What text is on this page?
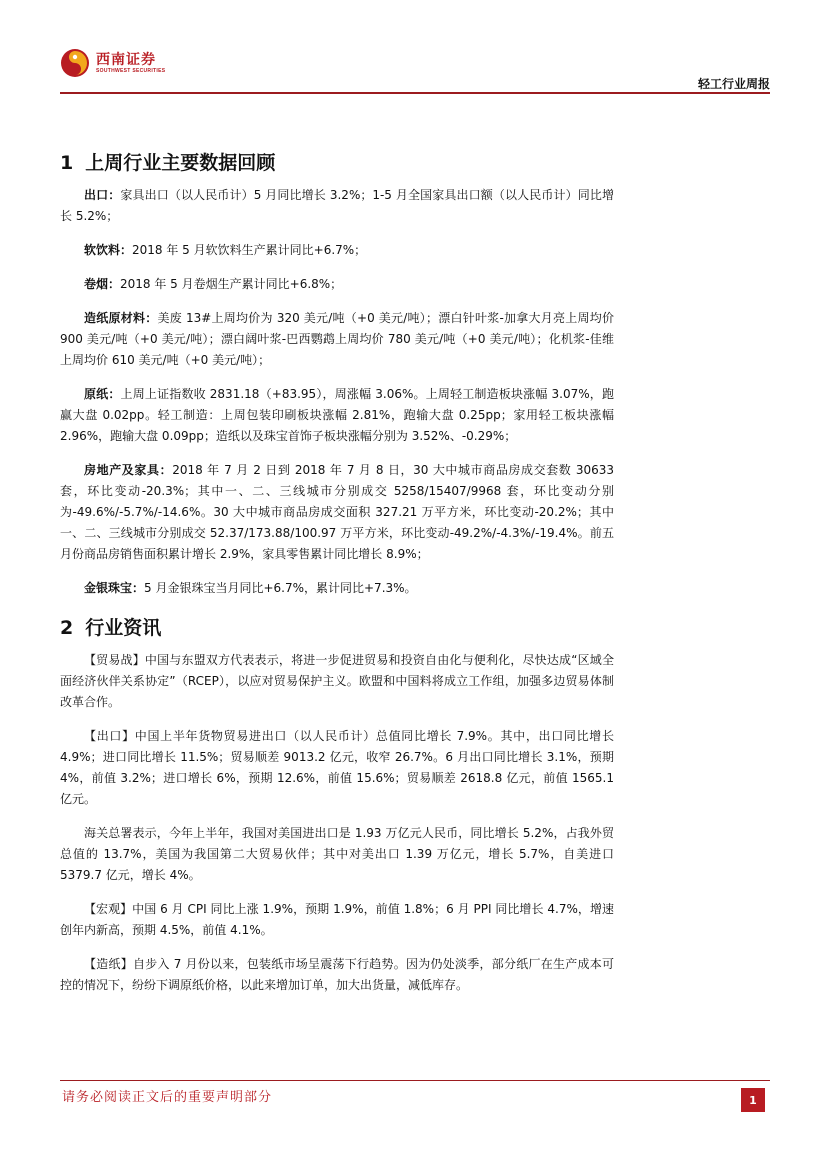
西南证券
SOUTHWEST SECURITIES
轻工行业周报
1 上周行业主要数据回顾

出口：家具出口（以人民币计）5 月同比增长 3.2%；1-5 月全国家具出口额（以人民币计）同比增长 5.2%；

软饮料：2018 年 5 月软饮料生产累计同比+6.7%；

卷烟：2018 年 5 月卷烟生产累计同比+6.8%；

造纸原材料：美废 13#上周均价为 320 美元/吨（+0 美元/吨）；漂白针叶浆-加拿大月亮上周均价 900 美元/吨（+0 美元/吨）；漂白阔叶浆-巴西鹦鹉上周均价 780 美元/吨（+0 美元/吨）；化机浆-佳维上周均价 610 美元/吨（+0 美元/吨）；

原纸：上周上证指数收 2831.18（+83.95），周涨幅 3.06%。上周轻工制造板块涨幅 3.07%，跑赢大盘 0.02pp。轻工制造：上周包装印刷板块涨幅 2.81%，跑输大盘 0.25pp；家用轻工板块涨幅 2.96%，跑输大盘 0.09pp；造纸以及珠宝首饰子板块涨幅分别为 3.52%、-0.29%；

房地产及家具：2018 年 7 月 2 日到 2018 年 7 月 8 日，30 大中城市商品房成交套数 30633 套，环比变动-20.3%；其中一、二、三线城市分别成交 5258/15407/9968 套，环比变动分别为-49.6%/-5.7%/-14.6%。30 大中城市商品房成交面积 327.21 万平方米，环比变动-20.2%；其中一、二、三线城市分别成交 52.37/173.88/100.97 万平方米，环比变动-49.2%/-4.3%/-19.4%。前五月份商品房销售面积累计增长 2.9%，家具零售累计同比增长 8.9%；

金银珠宝：5 月金银珠宝当月同比+6.7%，累计同比+7.3%。

2 行业资讯

【贸易战】中国与东盟双方代表表示，将进一步促进贸易和投资自由化与便利化，尽快达成“区域全面经济伙伴关系协定”（RCEP），以应对贸易保护主义。欧盟和中国料将成立工作组，加强多边贸易体制改革合作。

【出口】中国上半年货物贸易进出口（以人民币计）总值同比增长 7.9%。其中，出口同比增长 4.9%；进口同比增长 11.5%；贸易顺差 9013.2 亿元，收窄 26.7%。6 月出口同比增长 3.1%，预期 4%，前值 3.2%；进口增长 6%，预期 12.6%，前值 15.6%；贸易顺差 2618.8 亿元，前值 1565.1 亿元。

海关总署表示，今年上半年，我国对美国进出口是 1.93 万亿元人民币，同比增长 5.2%，占我外贸总值的 13.7%，美国为我国第二大贸易伙伴；其中对美出口 1.39 万亿元，增长 5.7%，自美进口 5379.7 亿元，增长 4%。

【宏观】中国 6 月 CPI 同比上涨 1.9%，预期 1.9%，前值 1.8%；6 月 PPI 同比增长 4.7%，增速创年内新高，预期 4.5%，前值 4.1%。

【造纸】自步入 7 月份以来，包装纸市场呈震荡下行趋势。因为仍处淡季，部分纸厂在生产成本可控的情况下，纷纷下调原纸价格，以此来增加订单，加大出货量，减低库存。

请务必阅读正文后的重要声明部分	1
